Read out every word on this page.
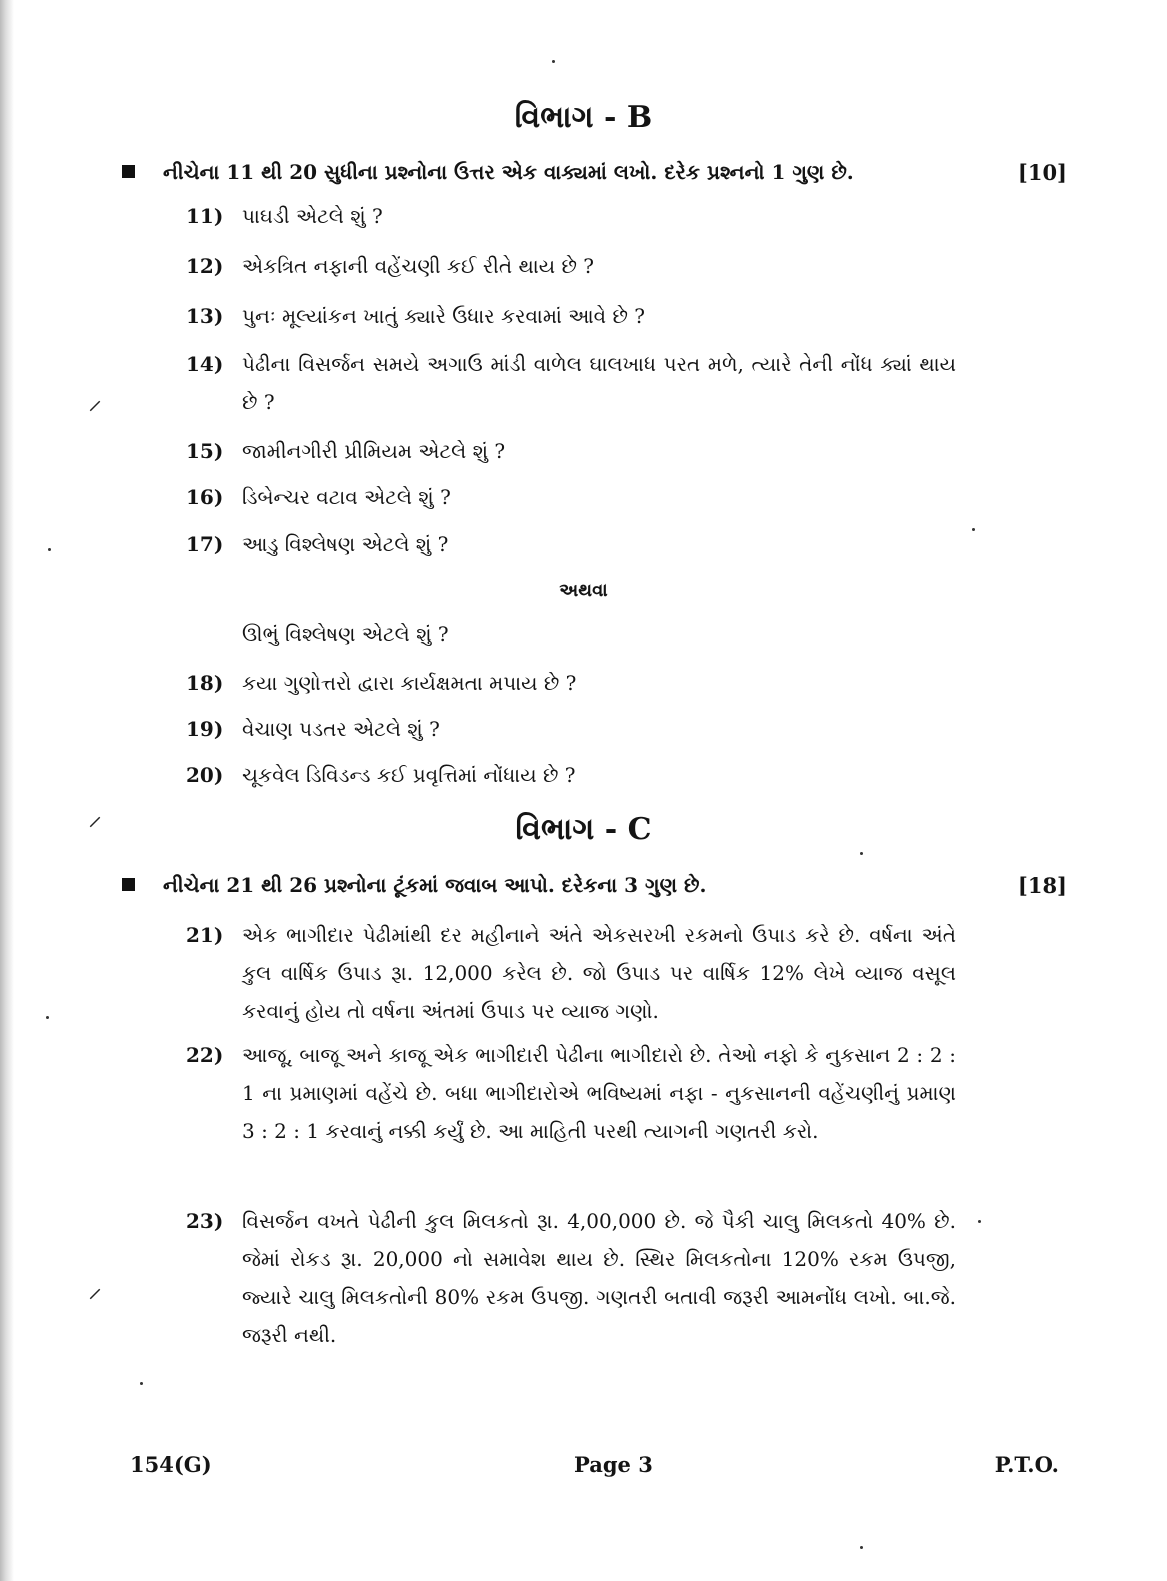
વિભાગ - B
નીચેના 11 થી 20 સુધીના પ્રશ્નોના ઉત્તર એક વાક્યમાં લખો. દરેક પ્રશ્નનો 1 ગુણ છે.	[10]
11) પાઘડી એટલે શું ?
12) એકત્રિત નફાની વહેંચણી કઈ રીતે થાય છે ?
13) પુનઃ મૂલ્યાંકન ખાતું ક્યારે ઉધાર કરવામાં આવે છે ?
14) પેઢીના વિસર્જન સમયે અગાઉ માંડી વાળેલ ઘાલખાધ પરત મળે, ત્યારે તેની નોંધ ક્યાં થાય છે ?
15) જામીનગીરી પ્રીમિયમ એટલે શું ?
16) ડિબેન્ચર વટાવ એટલે શું ?
17) આડુ વિશ્લેષણ એટલે શું ?
અથવા
ઊભું વિશ્લેષણ એટલે શું ?
18) કયા ગુણોત્તરો દ્વારા કાર્યક્ષમતા મપાય છે ?
19) વેચાણ પડતર એટલે શું ?
20) ચૂકવેલ ડિવિડન્ડ કઈ પ્રવૃત્તિમાં નોંધાય છે ?
વિભાગ - C
નીચેના 21 થી 26 પ્રશ્નોના ટૂંકમાં જવાબ આપો. દરેકના 3 ગુણ છે.	[18]
21) એક ભાગીદાર પેઢીમાંથી દર મહીનાને અંતે એકસરખી રકમનો ઉપાડ કરે છે. વર્ષના અંતે કુલ વાર્ષિક ઉપાડ રૂા. 12,000 કરેલ છે. જો ઉપાડ પર વાર્ષિક 12% લેખે વ્યાજ વસૂલ કરવાનું હોય તો વર્ષના અંતમાં ઉપાડ પર વ્યાજ ગણો.
22) આજૂ, બાજૂ અને કાજૂ એક ભાગીદારી પેઢીના ભાગીદારો છે. તેઓ નફો કે નુકસાન 2 : 2 : 1 ના પ્રમાણમાં વહેંચે છે. બધા ભાગીદારોએ ભવિષ્યમાં નફા - નુકસાનની વહેંચણીનું પ્રમાણ 3 : 2 : 1 કરવાનું નક્કી કર્યું છે. આ માહિતી પરથી ત્યાગની ગણતરી કરો.
23) વિસર્જન વખતે પેઢીની કુલ મિલકતો રૂા. 4,00,000 છે. જે પૈકી ચાલુ મિલકતો 40% છે. જેમાં રોકડ રૂા. 20,000 નો સમાવેશ થાય છે. સ્થિર મિલકતોના 120% રકમ ઉપજી, જ્યારે ચાલુ મિલકતોની 80% રકમ ઉપજી. ગણતરી બતાવી જરૂરી આમનોંધ લખો. બા.જે. જરૂરી નથી.
154(G)	Page 3	P.T.O.
⸝
⸝
⸝
